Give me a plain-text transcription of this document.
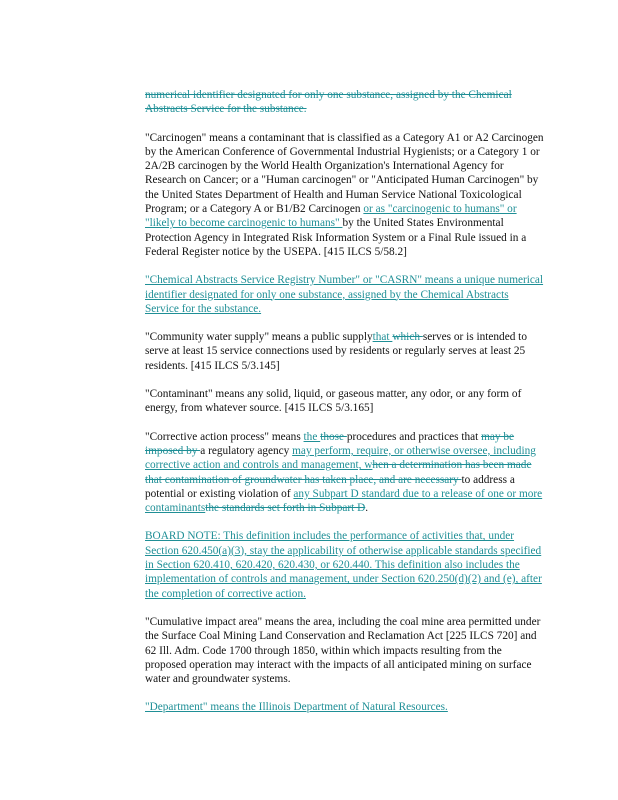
numerical identifier designated for only one substance, assigned by the Chemical Abstracts Service for the substance.

"Carcinogen" means a contaminant that is classified as a Category A1 or A2 Carcinogen by the American Conference of Governmental Industrial Hygienists; or a Category 1 or 2A/2B carcinogen by the World Health Organization's International Agency for Research on Cancer; or a "Human carcinogen" or "Anticipated Human Carcinogen" by the United States Department of Health and Human Service National Toxicological Program; or a Category A or B1/B2 Carcinogen or as "carcinogenic to humans" or "likely to become carcinogenic to humans" by the United States Environmental Protection Agency in Integrated Risk Information System or a Final Rule issued in a Federal Register notice by the USEPA. [415 ILCS 5/58.2]

"Chemical Abstracts Service Registry Number" or "CASRN" means a unique numerical identifier designated for only one substance, assigned by the Chemical Abstracts Service for the substance.

"Community water supply" means a public supplythat which serves or is intended to serve at least 15 service connections used by residents or regularly serves at least 25 residents. [415 ILCS 5/3.145]

"Contaminant" means any solid, liquid, or gaseous matter, any odor, or any form of energy, from whatever source. [415 ILCS 5/3.165]

"Corrective action process" means the those procedures and practices that may be imposed by a regulatory agency may perform, require, or otherwise oversee, including corrective action and controls and management, when a determination has been made that contamination of groundwater has taken place, and are necessary to address a potential or existing violation of any Subpart D standard due to a release of one or more contaminantsthe standards set forth in Subpart D.

BOARD NOTE: This definition includes the performance of activities that, under Section 620.450(a)(3), stay the applicability of otherwise applicable standards specified in Section 620.410, 620.420, 620.430, or 620.440. This definition also includes the implementation of controls and management, under Section 620.250(d)(2) and (e), after the completion of corrective action.

"Cumulative impact area" means the area, including the coal mine area permitted under the Surface Coal Mining Land Conservation and Reclamation Act [225 ILCS 720] and 62 Ill. Adm. Code 1700 through 1850, within which impacts resulting from the proposed operation may interact with the impacts of all anticipated mining on surface water and groundwater systems.

"Department" means the Illinois Department of Natural Resources.
